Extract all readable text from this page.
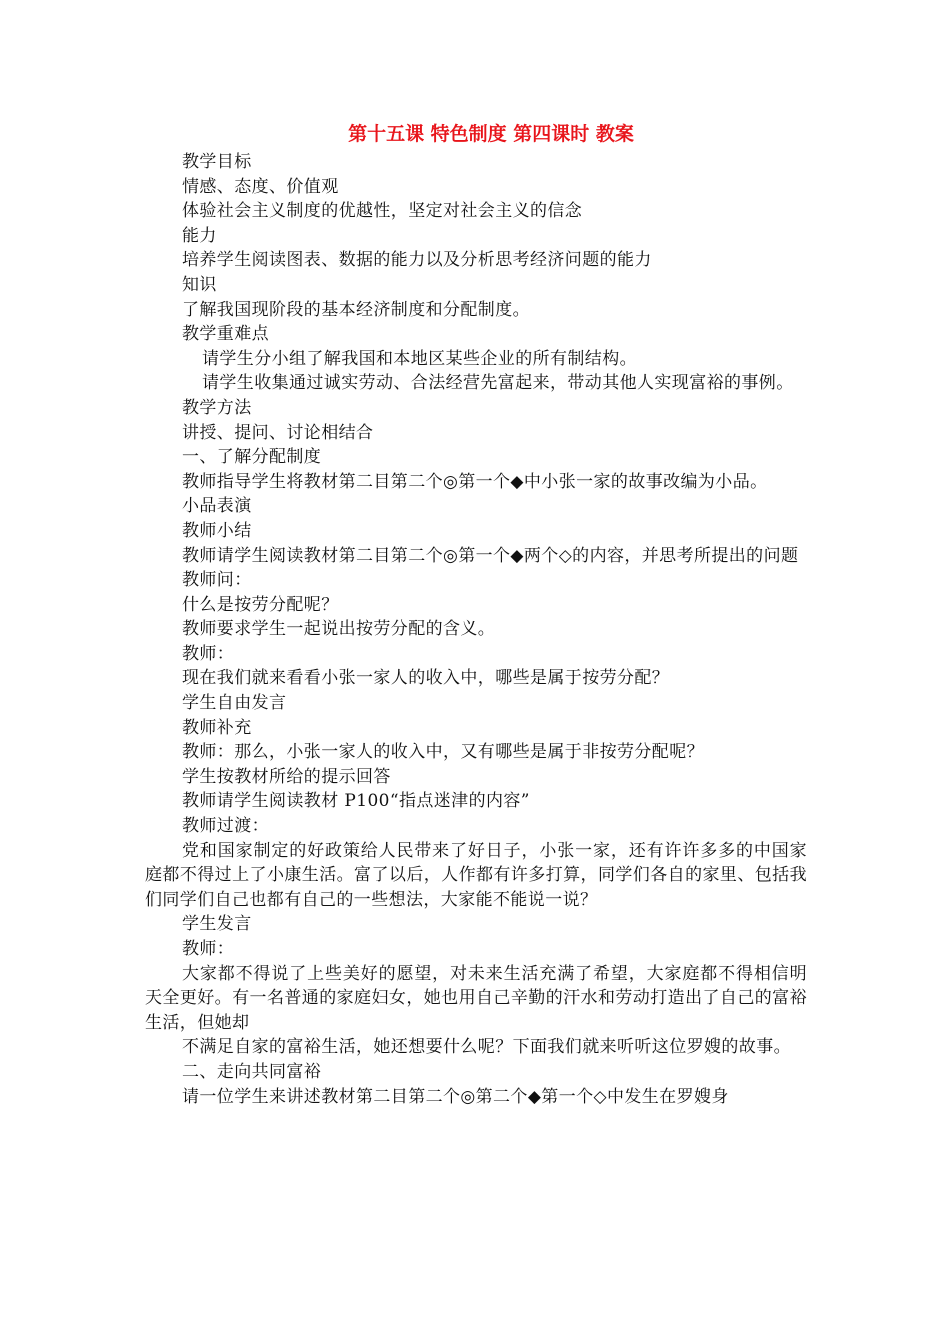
第十五课 特色制度 第四课时 教案

教学目标

情感、态度、价值观

体验社会主义制度的优越性，坚定对社会主义的信念

能力

培养学生阅读图表、数据的能力以及分析思考经济问题的能力

知识

了解我国现阶段的基本经济制度和分配制度。

教学重难点

请学生分小组了解我国和本地区某些企业的所有制结构。

请学生收集通过诚实劳动、合法经营先富起来，带动其他人实现富裕的事例。

教学方法

讲授、提问、讨论相结合

一、了解分配制度

教师指导学生将教材第二目第二个◎第一个◆中小张一家的故事改编为小品。

小品表演

教师小结

教师请学生阅读教材第二目第二个◎第一个◆两个◇的内容，并思考所提出的问题

教师问：

什么是按劳分配呢？

教师要求学生一起说出按劳分配的含义。

教师：

现在我们就来看看小张一家人的收入中，哪些是属于按劳分配？

学生自由发言

教师补充

教师：那么，小张一家人的收入中，又有哪些是属于非按劳分配呢？

学生按教材所给的提示回答

教师请学生阅读教材 P100“指点迷津的内容”

教师过渡：

党和国家制定的好政策给人民带来了好日子，小张一家，还有许许多多的中国家庭都不得过上了小康生活。富了以后，人作都有许多打算，同学们各自的家里、包括我们同学们自己也都有自己的一些想法，大家能不能说一说？

学生发言

教师：

大家都不得说了上些美好的愿望，对未来生活充满了希望，大家庭都不得相信明天全更好。有一名普通的家庭妇女，她也用自己辛勤的汗水和劳动打造出了自己的富裕生活，但她却

不满足自家的富裕生活，她还想要什么呢？下面我们就来听听这位罗嫂的故事。

二、走向共同富裕

请一位学生来讲述教材第二目第二个◎第二个◆第一个◇中发生在罗嫂身
